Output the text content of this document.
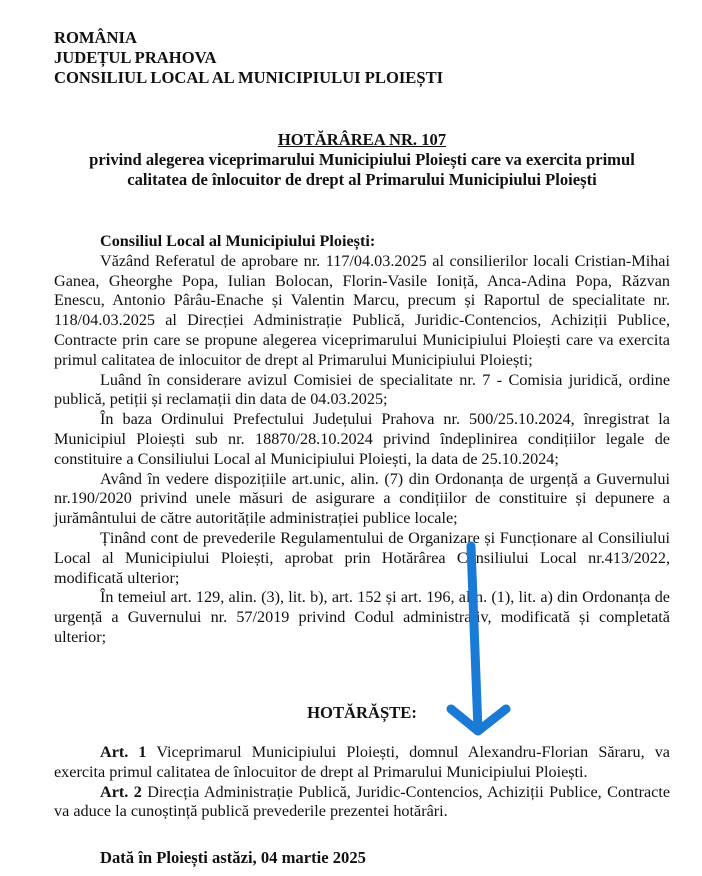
ROMÂNIA
JUDEȚUL PRAHOVA
CONSILIUL LOCAL AL MUNICIPIULUI PLOIEȘTI
HOTĂRÂREA NR. 107
privind alegerea viceprimarului Municipiului Ploiești care va exercita primul
calitatea de înlocuitor de drept al Primarului Municipiului Ploiești

Consiliul Local al Municipiului Ploiești:

Văzând Referatul de aprobare nr. 117/04.03.2025 al consilierilor locali Cristian-Mihai Ganea, Gheorghe Popa, Iulian Bolocan, Florin-Vasile Ioniță, Anca-Adina Popa, Răzvan Enescu, Antonio Pârâu-Enache și Valentin Marcu, precum și Raportul de specialitate nr. 118/04.03.2025 al Direcției Administrație Publică, Juridic-Contencios, Achiziții Publice, Contracte prin care se propune alegerea viceprimarului Municipiului Ploiești care va exercita primul calitatea de inlocuitor de drept al Primarului Municipiului Ploiești;

Luând în considerare avizul Comisiei de specialitate nr. 7 - Comisia juridică, ordine publică, petiții și reclamații din data de 04.03.2025;

În baza Ordinului Prefectului Județului Prahova nr. 500/25.10.2024, înregistrat la Municipiul Ploiești sub nr. 18870/28.10.2024 privind îndeplinirea condițiilor legale de constituire a Consiliului Local al Municipiului Ploiești, la data de 25.10.2024;

Având în vedere dispozițiile art.unic, alin. (7) din Ordonanța de urgență a Guvernului nr.190/2020 privind unele măsuri de asigurare a condițiilor de constituire și depunere a jurământului de către autoritățile administrației publice locale;

Ținând cont de prevederile Regulamentului de Organizare și Funcționare al Consiliului Local al Municipiului Ploiești, aprobat prin Hotărârea Consiliului Local nr.413/2022, modificată ulterior;

În temeiul art. 129, alin. (3), lit. b), art. 152 și art. 196, alin. (1), lit. a) din Ordonanța de urgență a Guvernului nr. 57/2019 privind Codul administrativ, modificată și completată ulterior;

HOTĂRĂȘTE:

Art. 1 Viceprimarul Municipiului Ploiești, domnul Alexandru-Florian Săraru, va exercita primul calitatea de înlocuitor de drept al Primarului Municipiului Ploiești.

Art. 2 Direcția Administrație Publică, Juridic-Contencios, Achiziții Publice, Contracte va aduce la cunoștință publică prevederile prezentei hotărâri.

Dată în Ploiești astăzi, 04 martie 2025
